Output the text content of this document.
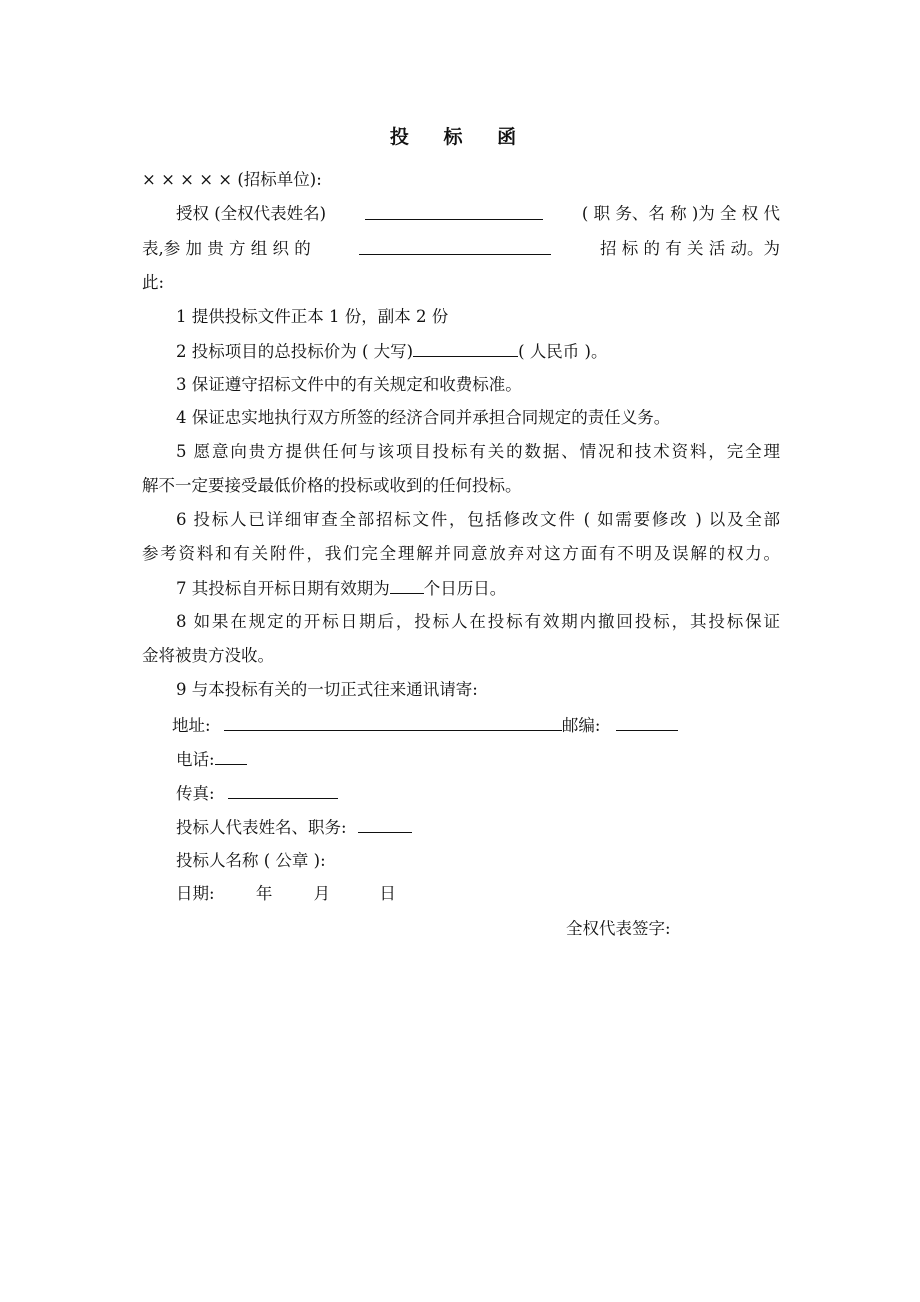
投 标 函
× × × × × (招标单位):
授权 (全权代表姓名)	( 职 务、名 称 )为 全 权 代
表,参 加 贵 方 组 织 的	招 标 的 有 关 活 动。为
此:
1 提供投标文件正本 1 份，副本 2 份
2 投标项目的总投标价为 ( 大写)	( 人民币 )。
3 保证遵守招标文件中的有关规定和收费标准。
4 保证忠实地执行双方所签的经济合同并承担合同规定的责任义务。
5 愿意向贵方提供任何与该项目投标有关的数据、情况和技术资料，完全理
解不一定要接受最低价格的投标或收到的任何投标。
6 投标人已详细审查全部招标文件，包括修改文件 ( 如需要修改 ) 以及全部
参考资料和有关附件，我们完全理解并同意放弃对这方面有不明及误解的权力。
7 其投标自开标日期有效期为 个日历日。
8 如果在规定的开标日期后，投标人在投标有效期内撤回投标，其投标保证
金将被贵方没收。
9 与本投标有关的一切正式往来通讯请寄:
地址:	邮编:
电话:
传真:
投标人代表姓名、职务:
投标人名称 ( 公章 ):
日期:	年	月	日
全权代表签字:
